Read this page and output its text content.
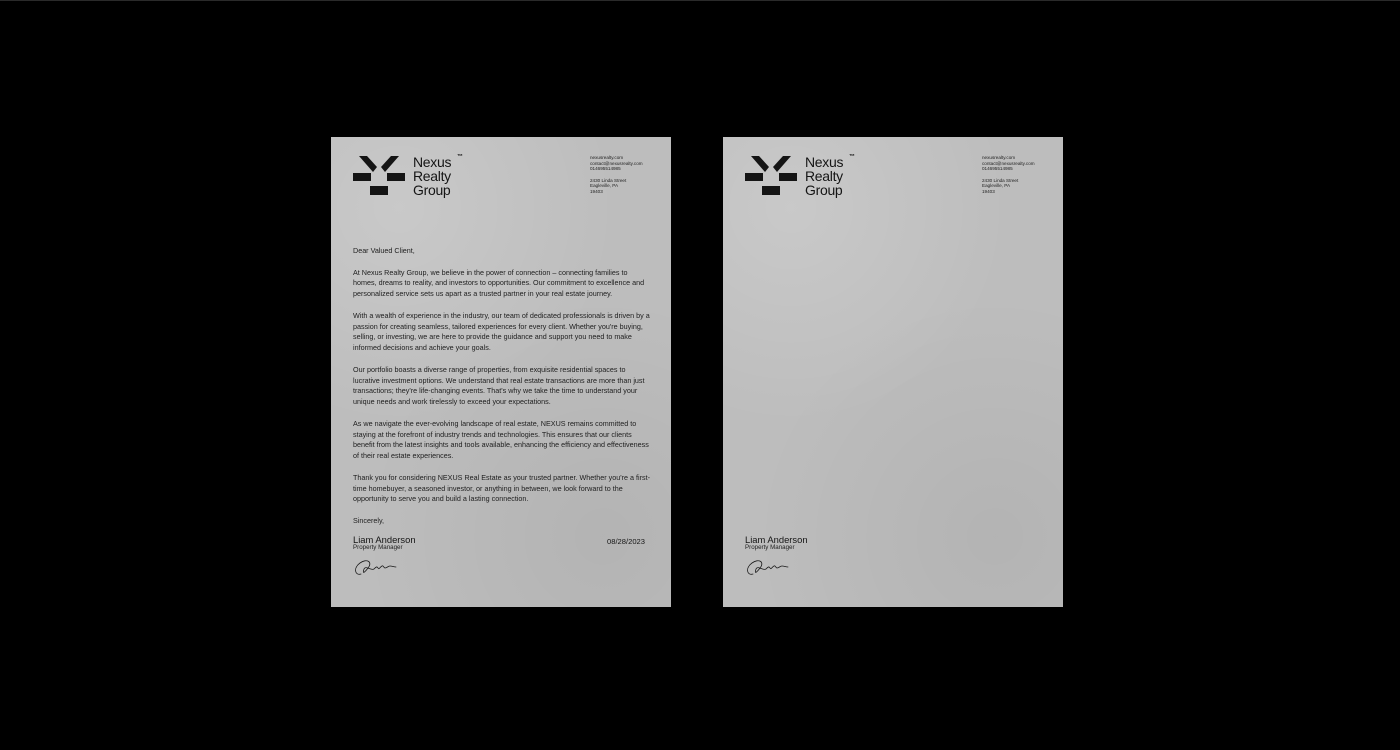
Nexus
Realty
Group
™	nexusrealty.com
contact@nexusrealty.com
014695514985
2430 Linda Street
Eagleville, PA
19403

Dear Valued Client,

At Nexus Realty Group, we believe in the power of connection – connecting families to homes, dreams to reality, and investors to opportunities. Our commitment to excellence and personalized service sets us apart as a trusted partner in your real estate journey.

With a wealth of experience in the industry, our team of dedicated professionals is driven by a passion for creating seamless, tailored experiences for every client. Whether you're buying, selling, or investing, we are here to provide the guidance and support you need to make informed decisions and achieve your goals.

Our portfolio boasts a diverse range of properties, from exquisite residential spaces to lucrative investment options. We understand that real estate transactions are more than just transactions; they're life-changing events. That's why we take the time to understand your unique needs and work tirelessly to exceed your expectations.

As we navigate the ever-evolving landscape of real estate, NEXUS remains committed to staying at the forefront of industry trends and technologies. This ensures that our clients benefit from the latest insights and tools available, enhancing the efficiency and effectiveness of their real estate experiences.

Thank you for considering NEXUS Real Estate as your trusted partner. Whether you're a first-time homebuyer, a seasoned investor, or anything in between, we look forward to the opportunity to serve you and build a lasting connection.

Sincerely,

Liam Anderson
Property Manager
08/28/2023
Nexus
Realty
Group
™	nexusrealty.com
contact@nexusrealty.com
014695514985
2430 Linda Street
Eagleville, PA
19403
Liam Anderson
Property Manager
